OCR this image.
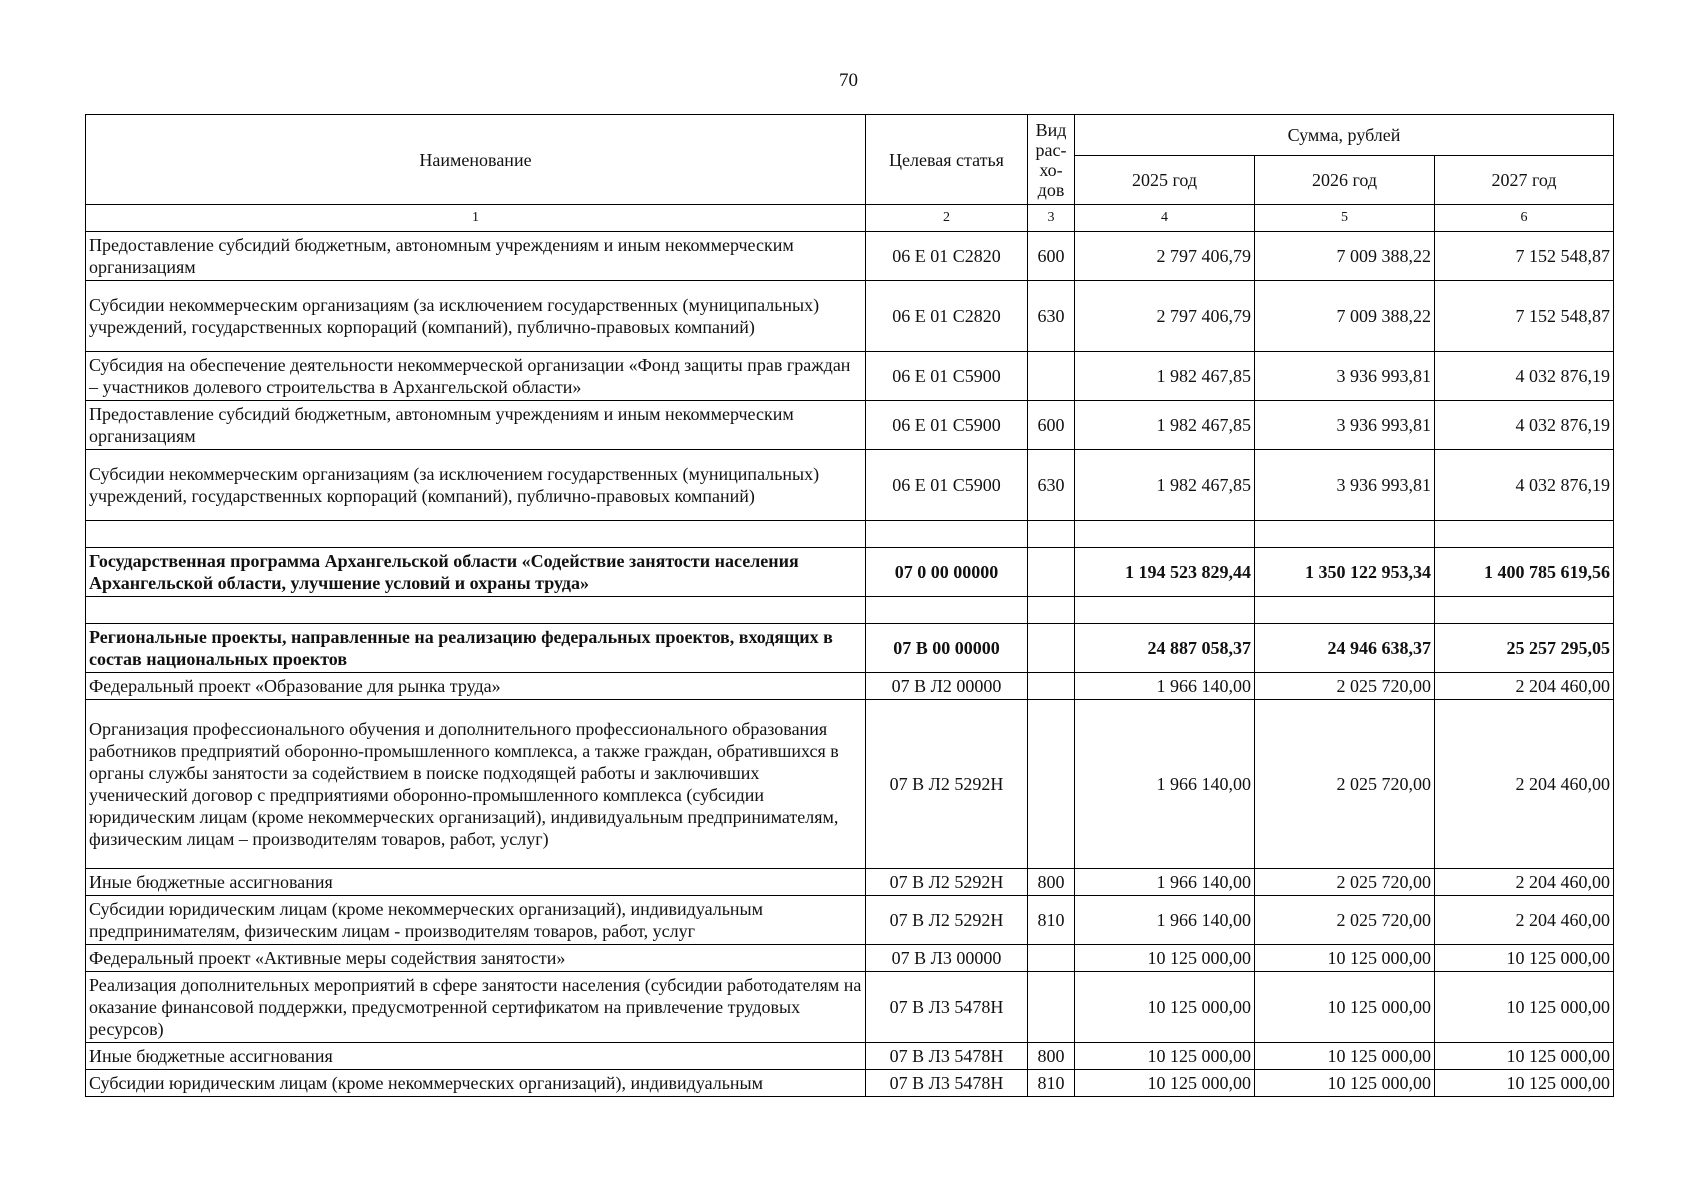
70
Наименование	Целевая статья	Вид рас-хо-дов	Сумма, рублей		
			2025 год	2026 год	2027 год
1	2	3	4	5	6
Предоставление субсидий бюджетным, автономным учреждениям и иным некоммерческим организациям	06 Е 01 С2820	600	2 797 406,79	7 009 388,22	7 152 548,87
Субсидии некоммерческим организациям (за исключением государственных (муниципальных) учреждений, государственных корпораций (компаний), публично-правовых компаний)	06 Е 01 С2820	630	2 797 406,79	7 009 388,22	7 152 548,87
Субсидия на обеспечение деятельности некоммерческой организации «Фонд защиты прав граждан – участников долевого строительства в Архангельской области»	06 Е 01 С5900		1 982 467,85	3 936 993,81	4 032 876,19
Предоставление субсидий бюджетным, автономным учреждениям и иным некоммерческим организациям	06 Е 01 С5900	600	1 982 467,85	3 936 993,81	4 032 876,19
Субсидии некоммерческим организациям (за исключением государственных (муниципальных) учреждений, государственных корпораций (компаний), публично-правовых компаний)	06 Е 01 С5900	630	1 982 467,85	3 936 993,81	4 032 876,19

Государственная программа Архангельской области «Содействие занятости населения Архангельской области, улучшение условий и охраны труда»	07 0 00 00000		1 194 523 829,44	1 350 122 953,34	1 400 785 619,56

Региональные проекты, направленные на реализацию федеральных проектов, входящих в состав национальных проектов	07 В 00 00000		24 887 058,37	24 946 638,37	25 257 295,05
Федеральный проект «Образование для рынка труда»	07 В Л2 00000		1 966 140,00	2 025 720,00	2 204 460,00
Организация профессионального обучения и дополнительного профессионального образования работников предприятий оборонно-промышленного комплекса, а также граждан, обратившихся в органы службы занятости за содействием в поиске подходящей работы и заключивших ученический договор с предприятиями оборонно-промышленного комплекса (субсидии юридическим лицам (кроме некоммерческих организаций), индивидуальным предпринимателям, физическим лицам – производителям товаров, работ, услуг)	07 В Л2 5292Н		1 966 140,00	2 025 720,00	2 204 460,00
Иные бюджетные ассигнования	07 В Л2 5292Н	800	1 966 140,00	2 025 720,00	2 204 460,00
Субсидии юридическим лицам (кроме некоммерческих организаций), индивидуальным предпринимателям, физическим лицам - производителям товаров, работ, услуг	07 В Л2 5292Н	810	1 966 140,00	2 025 720,00	2 204 460,00
Федеральный проект «Активные меры содействия занятости»	07 В Л3 00000		10 125 000,00	10 125 000,00	10 125 000,00
Реализация дополнительных мероприятий в сфере занятости населения (субсидии работодателям на оказание финансовой поддержки, предусмотренной сертификатом на привлечение трудовых ресурсов)	07 В Л3 5478Н		10 125 000,00	10 125 000,00	10 125 000,00
Иные бюджетные ассигнования	07 В Л3 5478Н	800	10 125 000,00	10 125 000,00	10 125 000,00
Субсидии юридическим лицам (кроме некоммерческих организаций), индивидуальным	07 В Л3 5478Н	810	10 125 000,00	10 125 000,00	10 125 000,00
